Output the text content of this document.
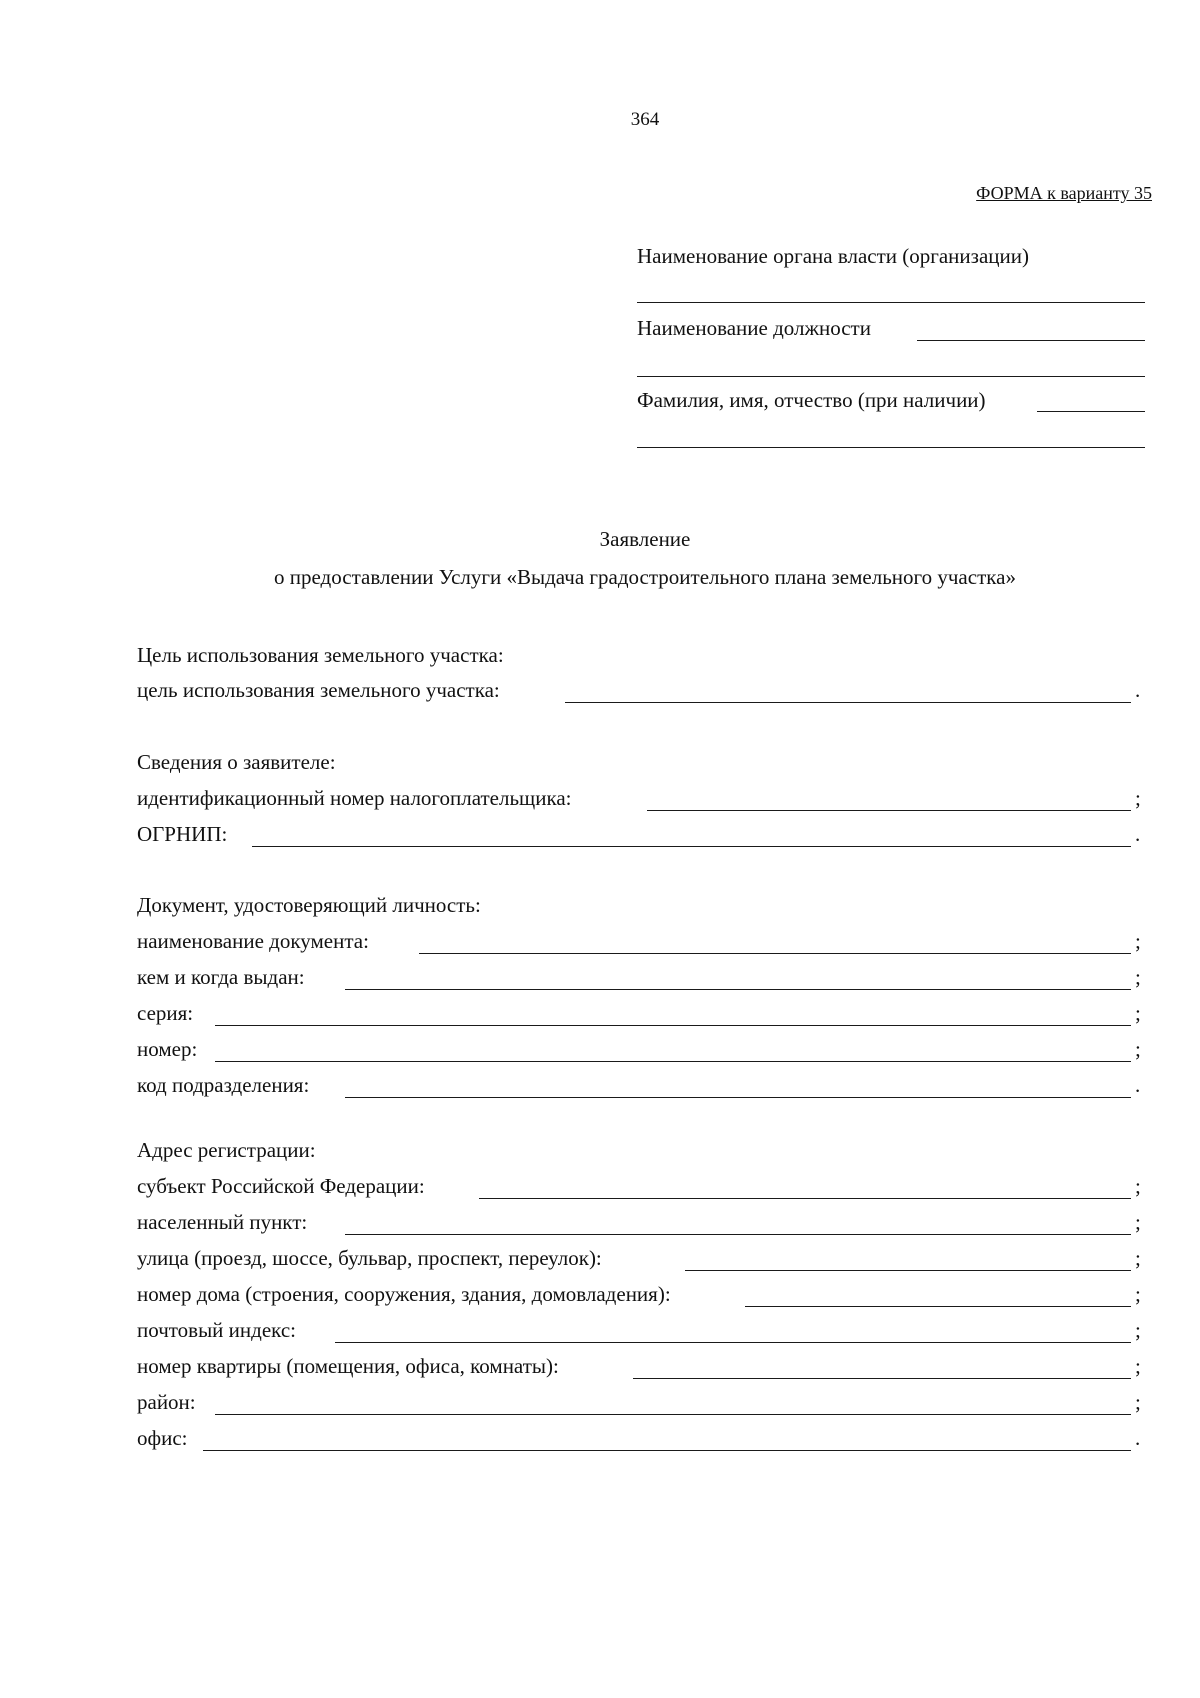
364
ФОРМА к варианту 35
Наименование органа власти (организации)
Наименование должности
Фамилия, имя, отчество (при наличии)
Заявление
о предоставлении Услуги «Выдача градостроительного плана земельного участка»
Цель использования земельного участка:
цель использования земельного участка:	.
Сведения о заявителе:
идентификационный номер налогоплательщика:	;
ОГРНИП:	.
Документ, удостоверяющий личность:
наименование документа:	;
кем и когда выдан:	;
серия:	;
номер:	;
код подразделения:	.
Адрес регистрации:
субъект Российской Федерации:	;
населенный пункт:	;
улица (проезд, шоссе, бульвар, проспект, переулок):	;
номер дома (строения, сооружения, здания, домовладения):	;
почтовый индекс:	;
номер квартиры (помещения, офиса, комнаты):	;
район:	;
офис:	.
